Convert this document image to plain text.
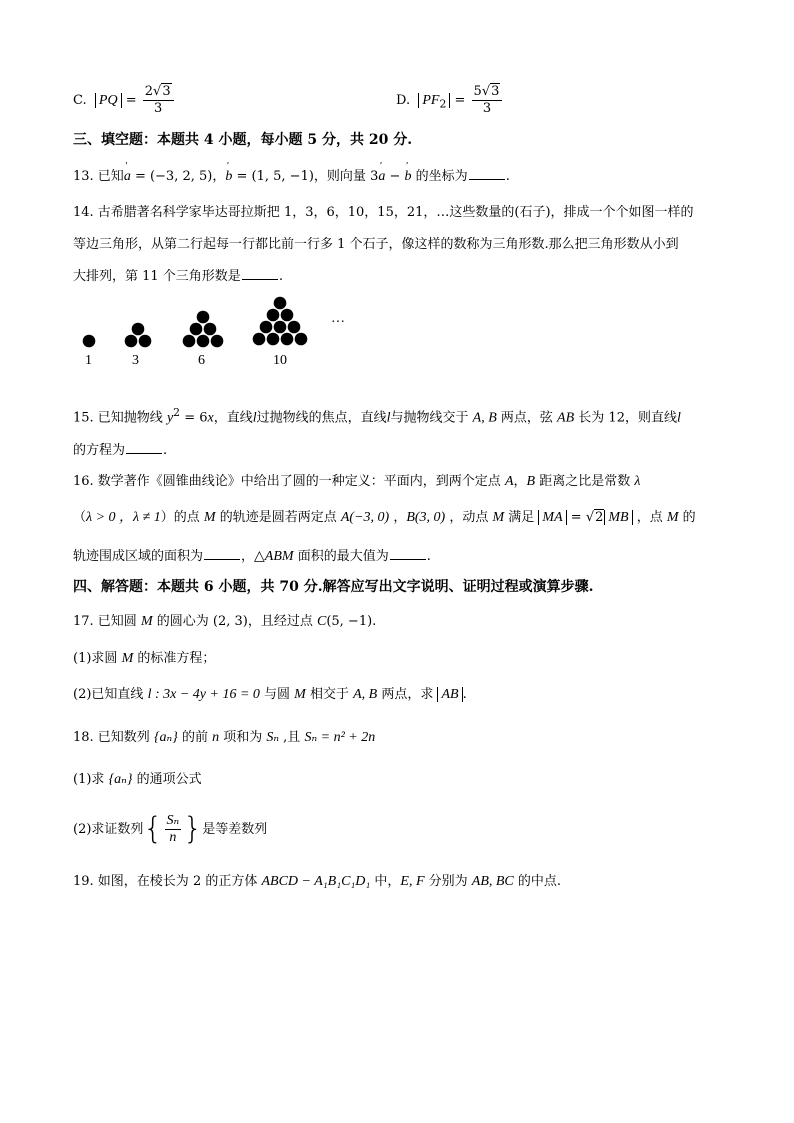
C. PQ = $\frac{2√3}{3}$	D. $PF_2 = \frac{5√3}{3}$
三、填空题：本题共 4 小题，每小题 5 分，共 20 分.
13. 已知' a = (−3, 2, 5)，' b = (1, 5, −1)，则向量 3' a − ' b 的坐标为	.
14. 古希腊著名科学家毕达哥拉斯把 1，3，6，10，15，21，…这些数量的(石子)，排成一个个如图一样的
等边三角形，从第二行起每一行都比前一行多 1 个石子，像这样的数称为三角形数.那么把三角形数从小到
大排列，第 11 个三角形数是	.
···
1	3	6	10
15. 已知抛物线 $y^2 = 6x$，直线l过抛物线的焦点，直线l与抛物线交于 A, B 两点，弦 AB 长为 12，则直线l
的方程为	.
16. 数学著作《圆锥曲线论》中给出了圆的一种定义：平面内，到两个定点 A，B 距离之比是常数 λ
（λ > 0 ，λ ≠ 1）的点 M 的轨迹是圆若两定点 A(−3, 0) ，B(3, 0) ，动点 M 满足 MA = √2 MB ，点 M 的
轨迹围成区域的面积为	，△ABM 面积的最大值为	.
四、解答题：本题共 6 小题，共 70 分.解答应写出文字说明、证明过程或演算步骤.
17. 已知圆 M 的圆心为 (2, 3)，且经过点 C(5, −1).
(1)求圆 M 的标准方程；
(2)已知直线 l : 3x − 4y + 16 = 0 与圆 M 相交于 A, B 两点，求 AB .
18. 已知数列 {aₙ} 的前 n 项和为 Sₙ ,且 Sₙ = n² + 2n
(1)求 {aₙ} 的通项公式
(2)求证数列{ $\frac{\text{Sₙ}}{n}$ }是等差数列
19. 如图，在棱长为 2 的正方体 ABCD − A₁B₁C₁D₁ 中，E, F 分别为 AB, BC 的中点.
